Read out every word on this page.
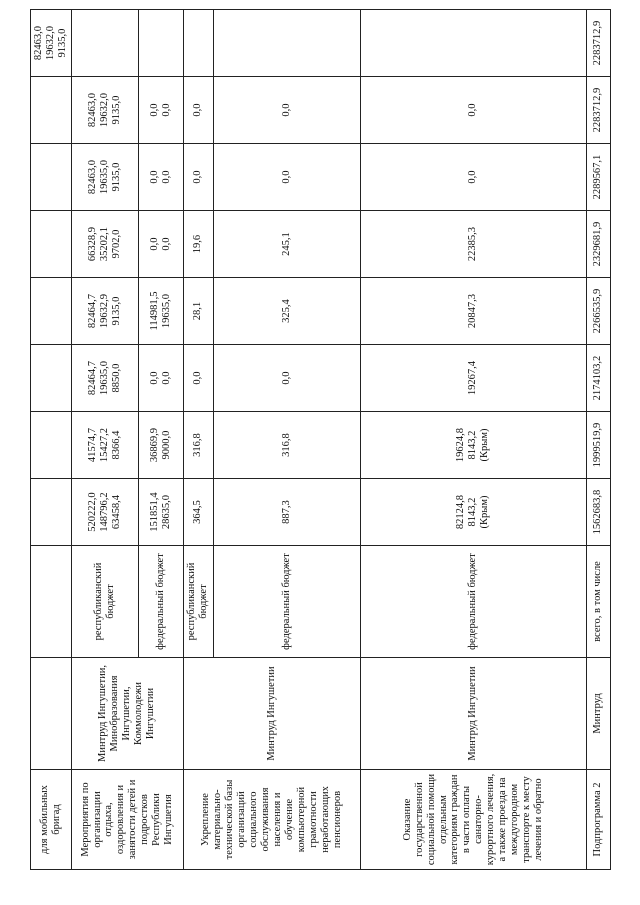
для мобильных бригад										82463,0
19632,0
9135,0
Мероприятия по организации отдыха, оздоровления и занятости детей и подростков Республики Ингушетия	Минтруд Ингушетии, Минобразования Ингушетии, Коммолодежи Ингушетии	республиканский бюджет	520222,0
148796,2
63458,4	41574,7
15427,2
8366,4	82464,7
19635,0
8850,0	82464,7
19632,9
9135,0	66328,9
35202,1
9702,0	82463,0
19635,0
9135,0	82463,0
19632,0
9135,0	
		федеральный бюджет	151851,4
28635,0	36869,9
9000,0	0,0
0,0	114981,5
19635,0	0,0
0,0	0,0
0,0	0,0
0,0	
Укрепление материально-технической базы организаций социального обслуживания населения и обучение компьютерной грамотности неработающих пенсионеров	Минтруд Ингушетии	республиканский бюджет	364,5	316,8	0,0	28,1	19,6	0,0	0,0	
		федеральный бюджет	887,3	316,8	0,0	325,4	245,1	0,0	0,0	
Оказание государственной социальной помощи отдельным категориям граждан в части оплаты санаторно-курортного лечения, а также проезда на междугородном транспорте к месту лечения и обратно	Минтруд Ингушетии	федеральный бюджет	82124,8
8143,2
(Крым)	19624,8
8143,2
(Крым)	19267,4	20847,3	22385,3	0,0	0,0	
Подпрограмма 2	Минтруд	всего, в том числе	1562683,8	1999519,9	2174103,2	2266535,9	2329681,9	2289567,1	2283712,9	2283712,9
